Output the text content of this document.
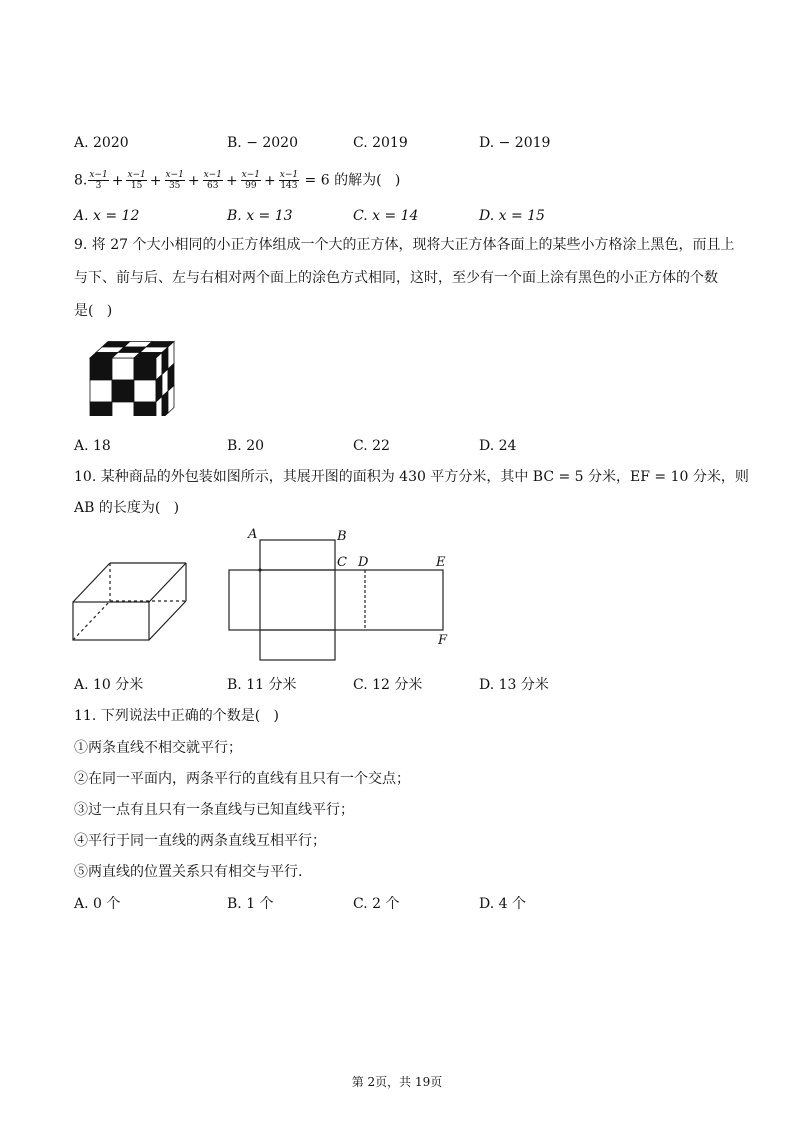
A. 2020	B. − 2020	C. 2019	D. − 2019
8. $\frac{x-1}{3} + \frac{x-1}{15} + \frac{x-1}{35} + \frac{x-1}{63} + \frac{x-1}{99} + \frac{x-1}{143} = 6$ 的解为(   )
A. x = 12	B. x = 13	C. x = 14	D. x = 15
9. 将 27 个大小相同的小正方体组成一个大的正方体，现将大正方体各面上的某些小方格涂上黑色，而且上
与下、前与后、左与右相对两个面上的涂色方式相同，这时，至少有一个面上涂有黑色的小正方体的个数
是(   )
A. 18	B. 20	C. 22	D. 24
10. 某种商品的外包装如图所示，其展开图的面积为 430 平方分米，其中 BC = 5 分米，EF = 10 分米，则
AB 的长度为(   )
A	B
C D	E
F
A. 10 分米	B. 11 分米	C. 12 分米	D. 13 分米
11. 下列说法中正确的个数是(   )
①两条直线不相交就平行；
②在同一平面内，两条平行的直线有且只有一个交点；
③过一点有且只有一条直线与已知直线平行；
④平行于同一直线的两条直线互相平行；
⑤两直线的位置关系只有相交与平行.
A. 0 个	B. 1 个	C. 2 个	D. 4 个
第 2页，共 19页
